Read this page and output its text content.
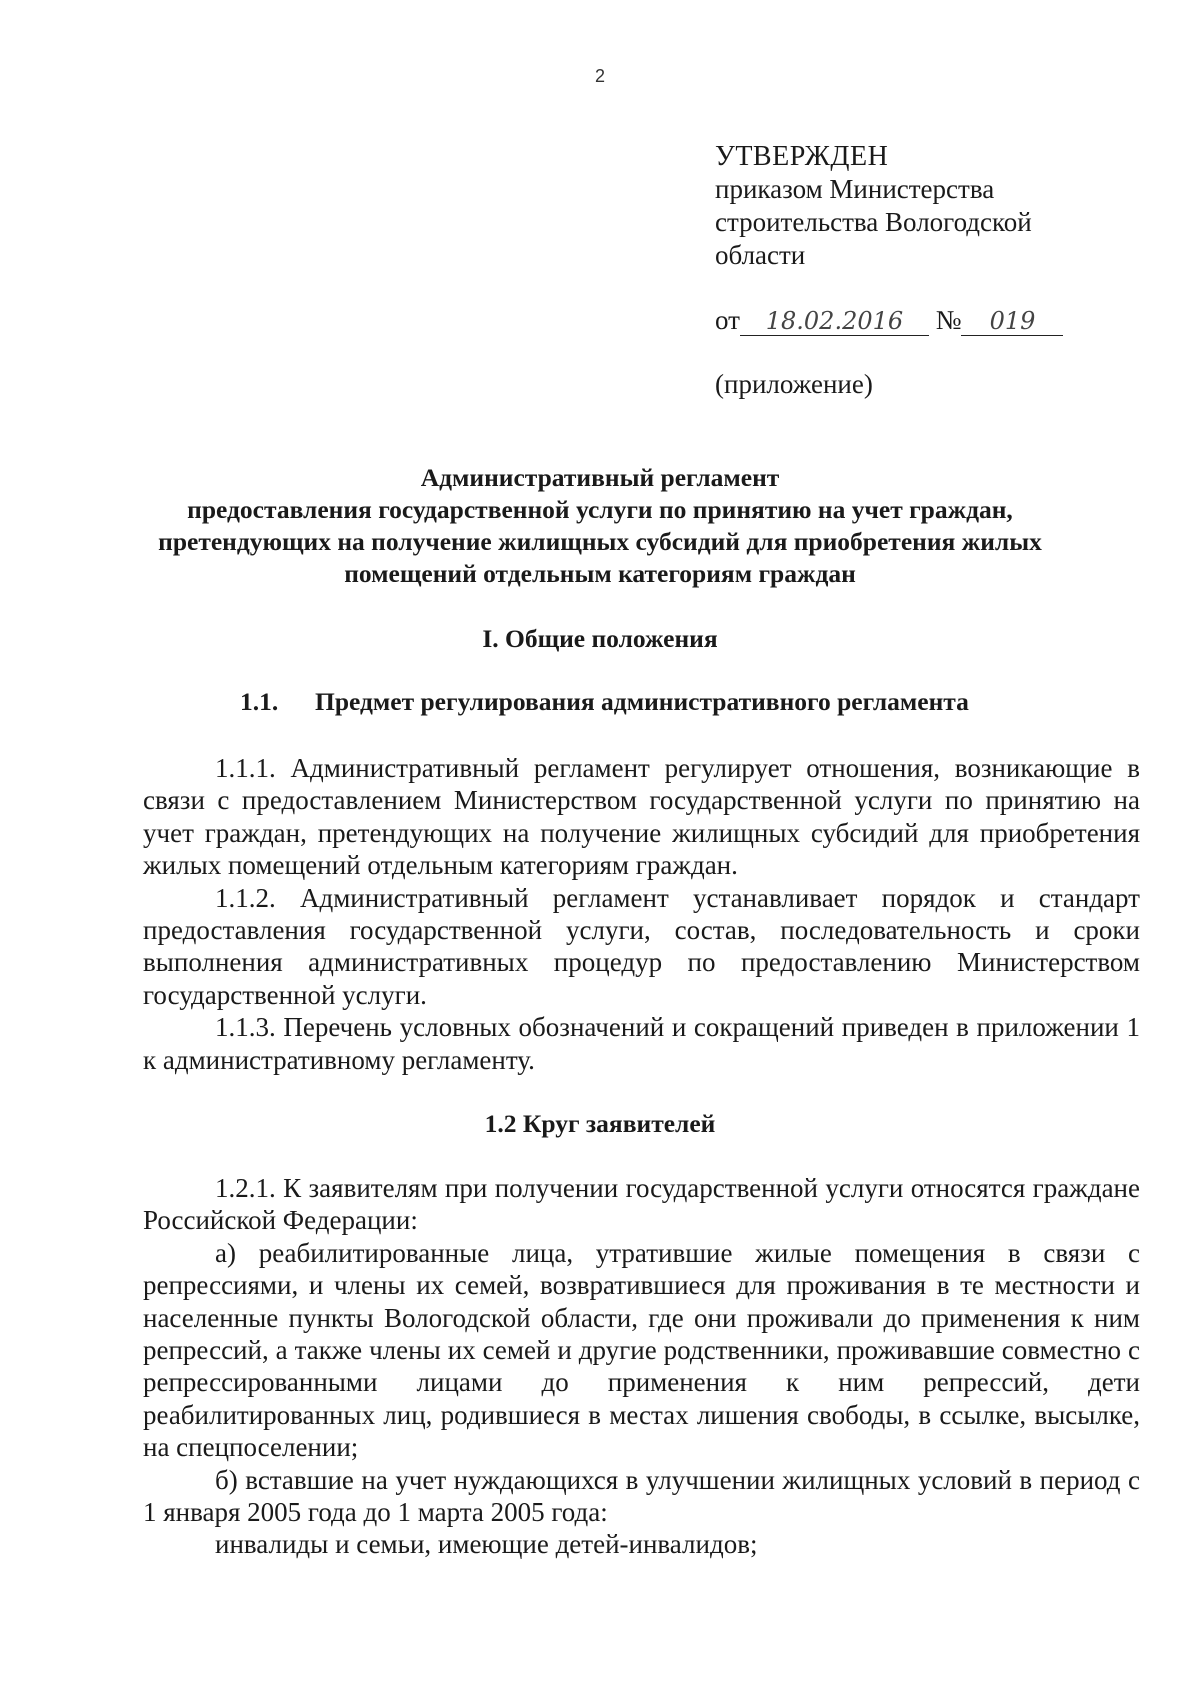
2
УТВЕРЖДЕН
приказом Министерства
строительства Вологодской
области
от 18.02.2016 № 019
(приложение)
Административный регламент
предоставления государственной услуги по принятию на учет граждан,
претендующих на получение жилищных субсидий для приобретения жилых
помещений отдельным категориям граждан
I. Общие положения
1.1. Предмет регулирования административного регламента

1.1.1. Административный регламент регулирует отношения, возникающие в связи с предоставлением Министерством государственной услуги по принятию на учет граждан, претендующих на получение жилищных субсидий для приобретения жилых помещений отдельным категориям граждан.

1.1.2. Административный регламент устанавливает порядок и стандарт предоставления государственной услуги, состав, последовательность и сроки выполнения административных процедур по предоставлению Министерством государственной услуги.

1.1.3. Перечень условных обозначений и сокращений приведен в приложении 1 к административному регламенту.

1.2 Круг заявителей

1.2.1. К заявителям при получении государственной услуги относятся граждане Российской Федерации:

а) реабилитированные лица, утратившие жилые помещения в связи с репрессиями, и члены их семей, возвратившиеся для проживания в те местности и населенные пункты Вологодской области, где они проживали до применения к ним репрессий, а также члены их семей и другие родственники, проживавшие совместно с репрессированными лицами до применения к ним репрессий, дети реабилитированных лиц, родившиеся в местах лишения свободы, в ссылке, высылке, на спецпоселении;

б) вставшие на учет нуждающихся в улучшении жилищных условий в период с 1 января 2005 года до 1 марта 2005 года:

инвалиды и семьи, имеющие детей-инвалидов;
